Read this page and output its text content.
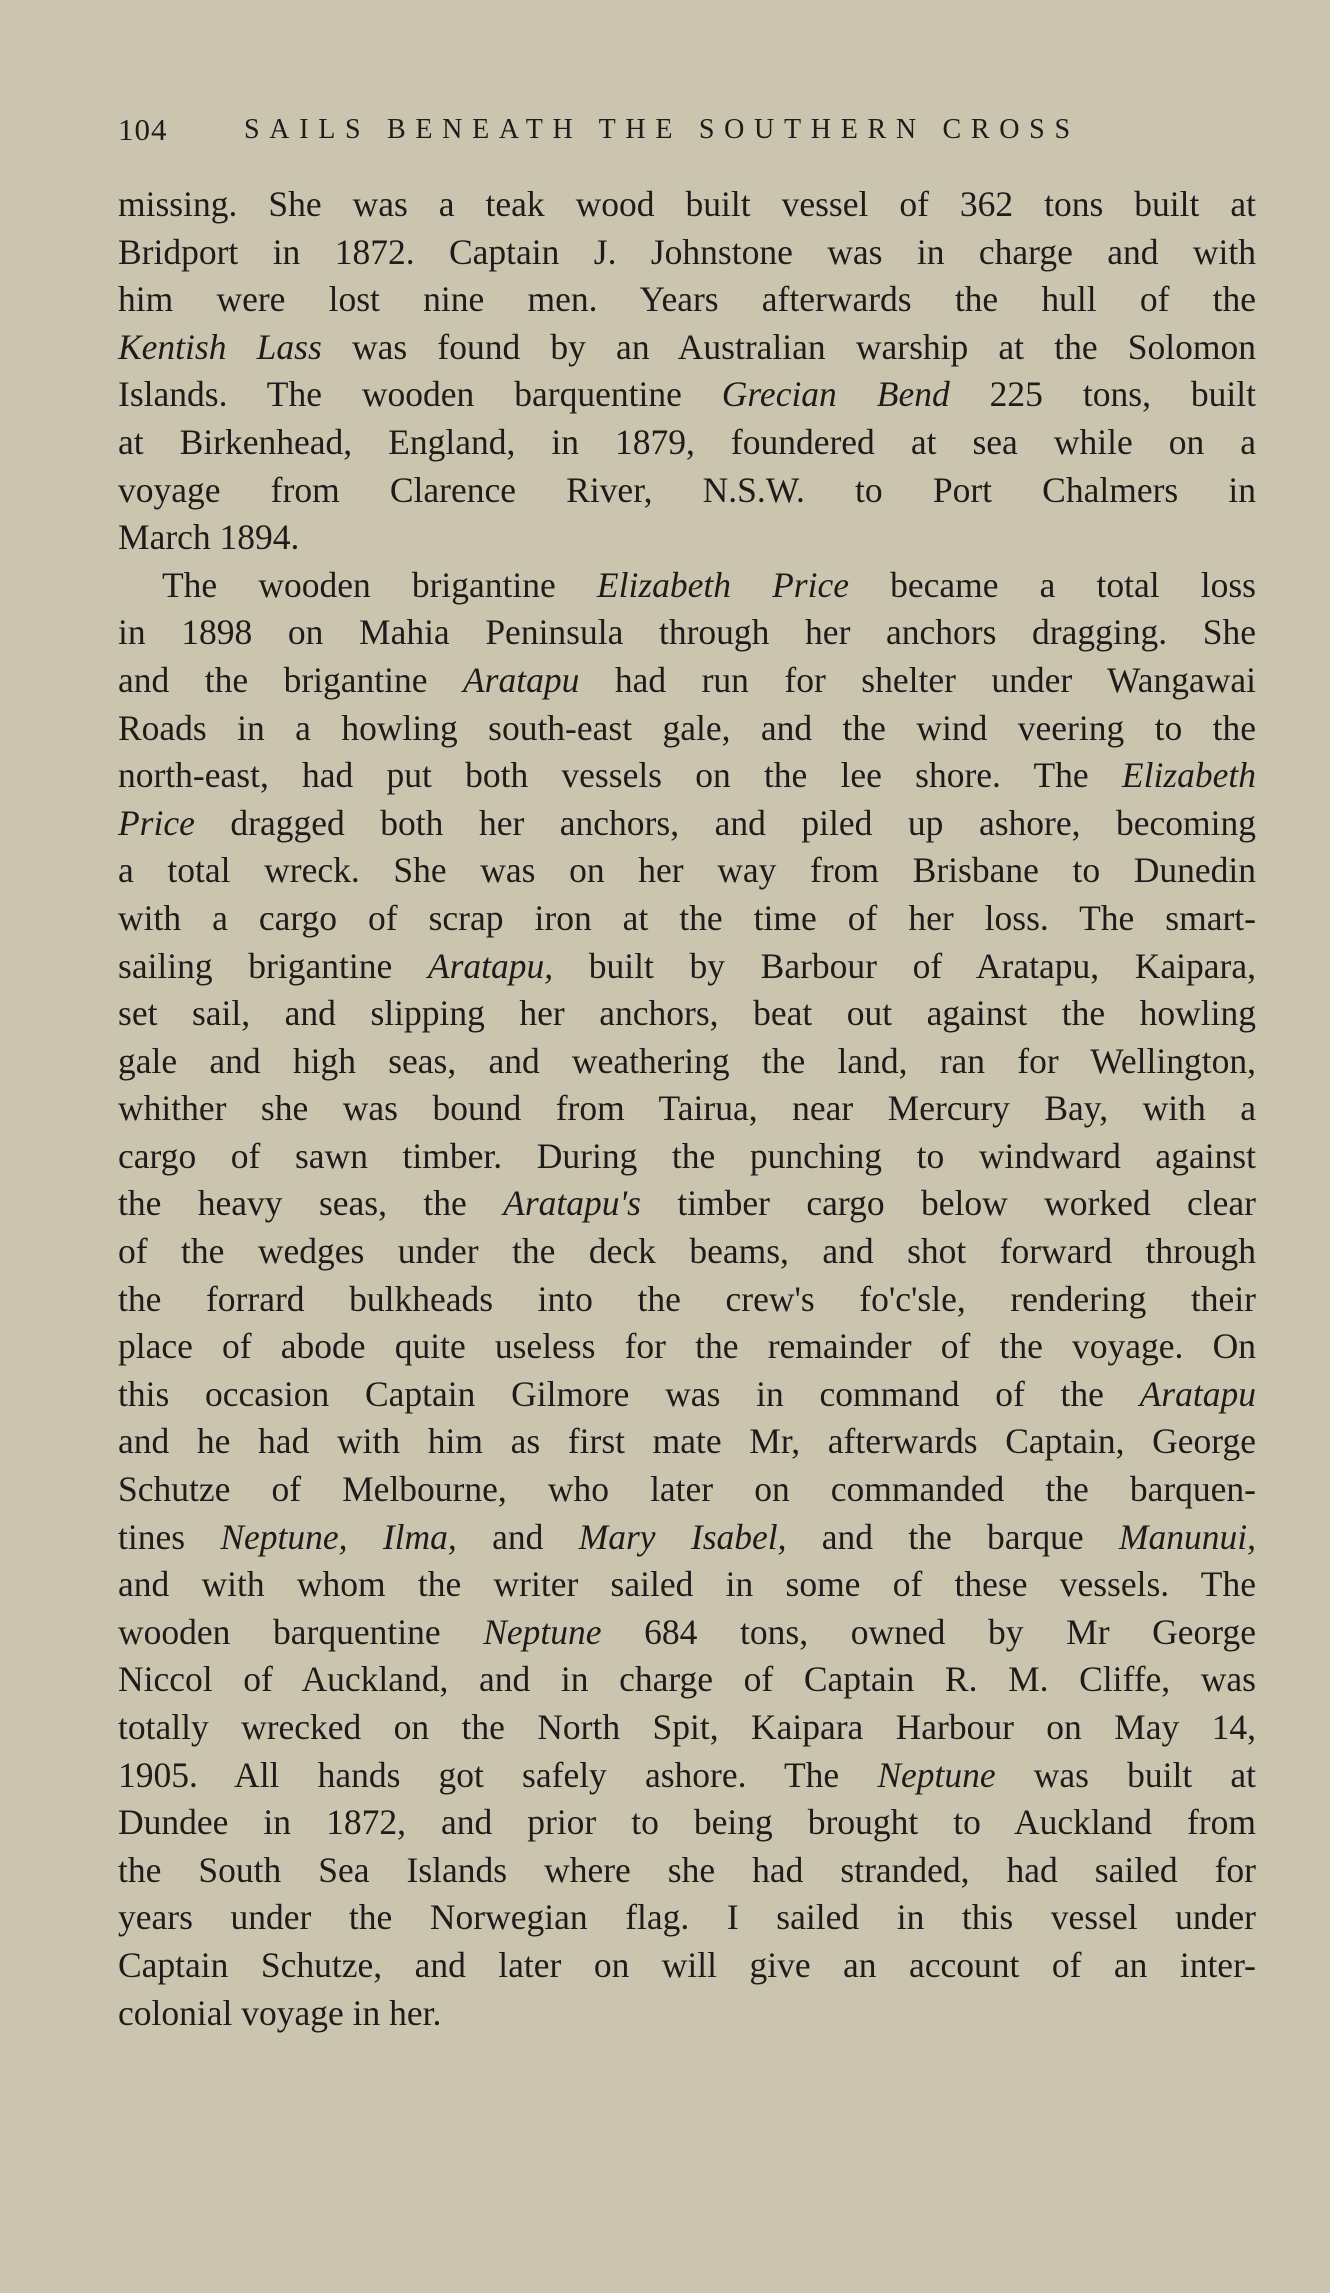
104	SAILS BENEATH THE SOUTHERN CROSS
missing. She was a teak wood built vessel of 362 tons built at
Bridport in 1872. Captain J. Johnstone was in charge and with
him were lost nine men. Years afterwards the hull of the
Kentish Lass was found by an Australian warship at the Solomon
Islands. The wooden barquentine Grecian Bend 225 tons, built
at Birkenhead, England, in 1879, foundered at sea while on a
voyage from Clarence River, N.S.W. to Port Chalmers in
March 1894.
The wooden brigantine Elizabeth Price became a total loss
in 1898 on Mahia Peninsula through her anchors dragging. She
and the brigantine Aratapu had run for shelter under Wangawai
Roads in a howling south-east gale, and the wind veering to the
north-east, had put both vessels on the lee shore. The Elizabeth
Price dragged both her anchors, and piled up ashore, becoming
a total wreck. She was on her way from Brisbane to Dunedin
with a cargo of scrap iron at the time of her loss. The smart-
sailing brigantine Aratapu, built by Barbour of Aratapu, Kaipara,
set sail, and slipping her anchors, beat out against the howling
gale and high seas, and weathering the land, ran for Wellington,
whither she was bound from Tairua, near Mercury Bay, with a
cargo of sawn timber. During the punching to windward against
the heavy seas, the Aratapu's timber cargo below worked clear
of the wedges under the deck beams, and shot forward through
the forrard bulkheads into the crew's fo'c'sle, rendering their
place of abode quite useless for the remainder of the voyage. On
this occasion Captain Gilmore was in command of the Aratapu
and he had with him as first mate Mr, afterwards Captain, George
Schutze of Melbourne, who later on commanded the barquen-
tines Neptune, Ilma, and Mary Isabel, and the barque Manunui,
and with whom the writer sailed in some of these vessels. The
wooden barquentine Neptune 684 tons, owned by Mr George
Niccol of Auckland, and in charge of Captain R. M. Cliffe, was
totally wrecked on the North Spit, Kaipara Harbour on May 14,
1905. All hands got safely ashore. The Neptune was built at
Dundee in 1872, and prior to being brought to Auckland from
the South Sea Islands where she had stranded, had sailed for
years under the Norwegian flag. I sailed in this vessel under
Captain Schutze, and later on will give an account of an inter-
colonial voyage in her.
